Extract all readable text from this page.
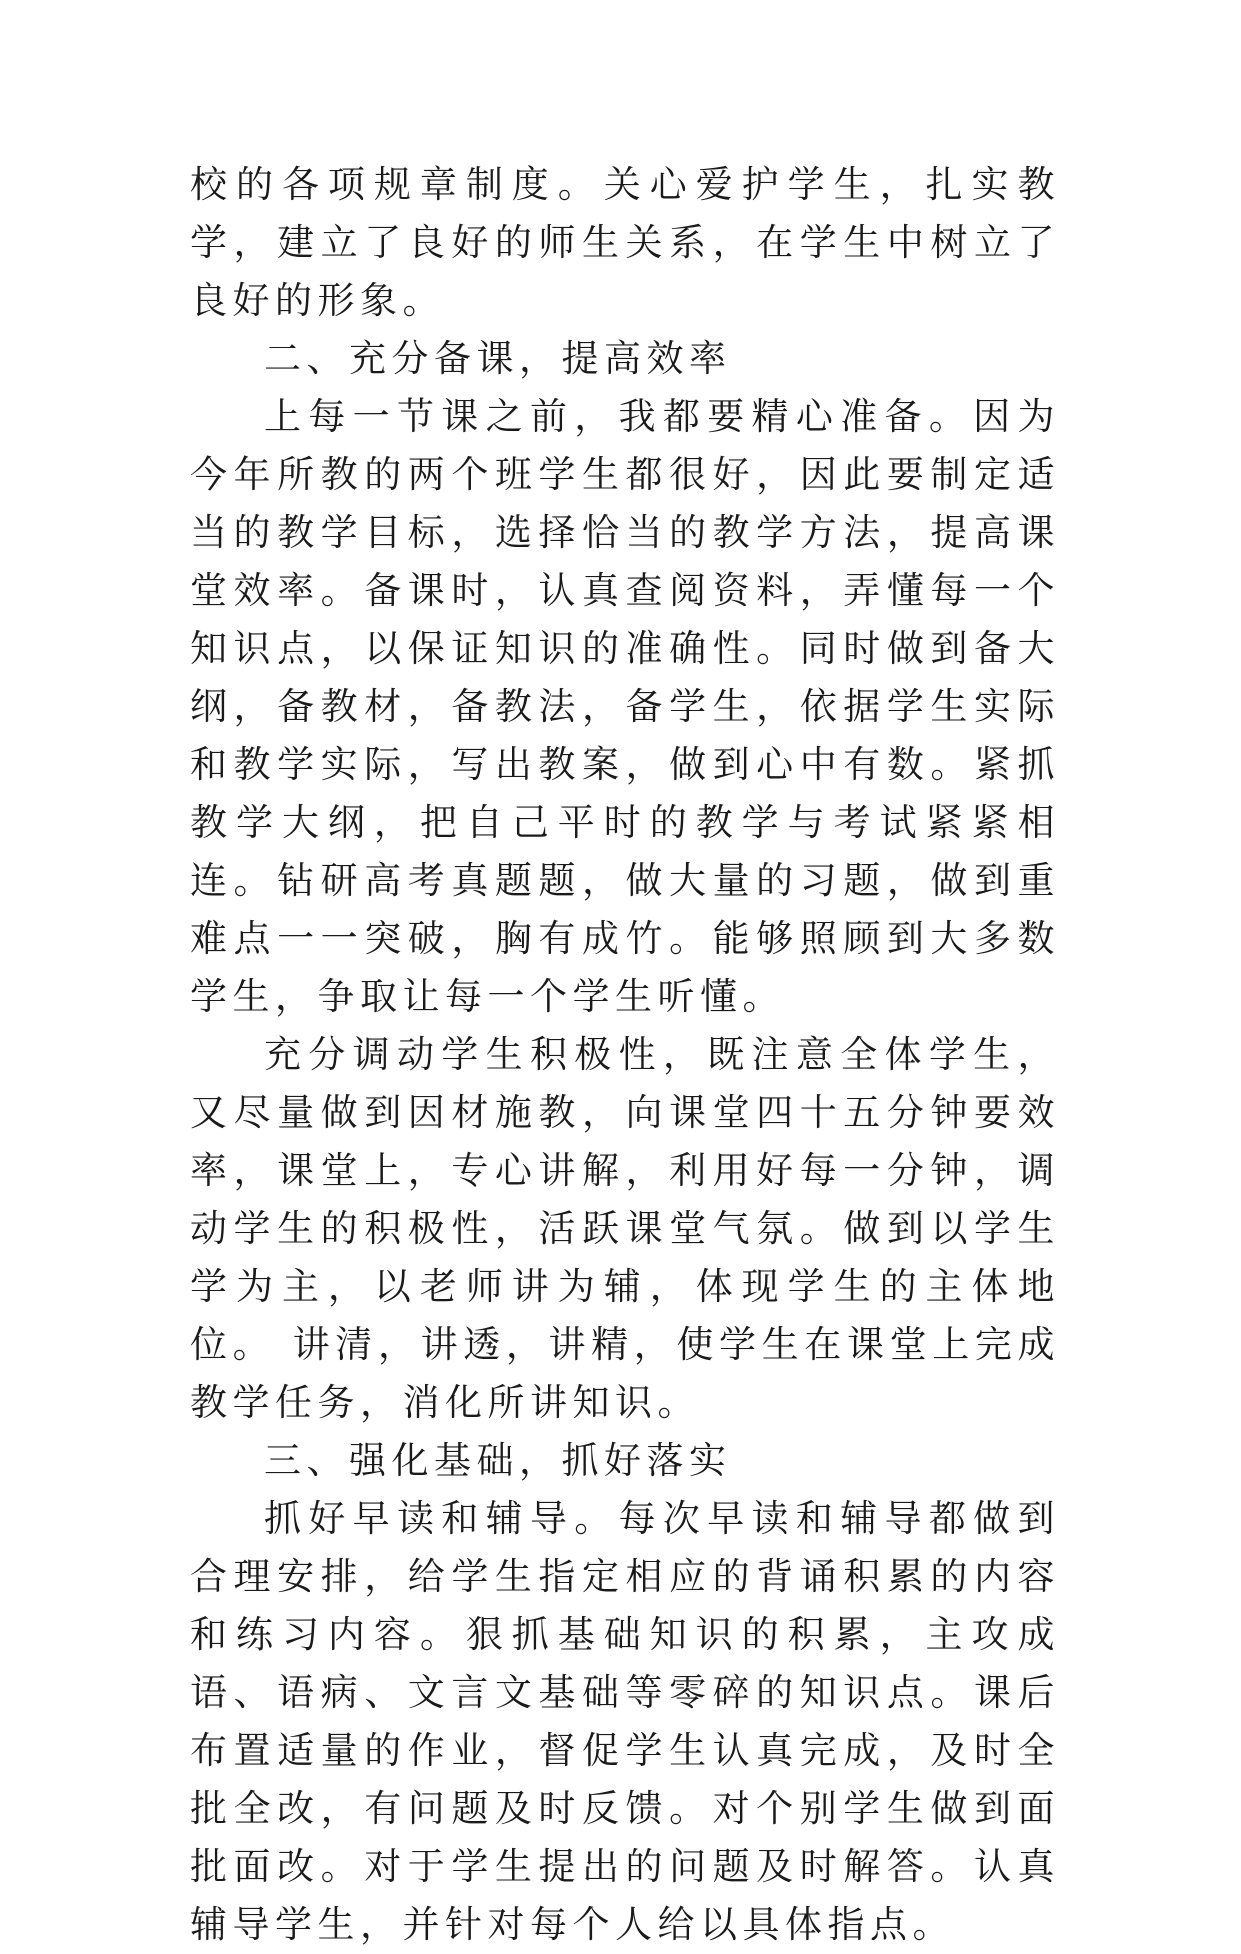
校的各项规章制度。关心爱护学生，扎实教学，建立了良好的师生关系，在学生中树立了良好的形象。

二、充分备课，提高效率

上每一节课之前，我都要精心准备。因为今年所教的两个班学生都很好，因此要制定适当的教学目标，选择恰当的教学方法，提高课堂效率。备课时，认真查阅资料，弄懂每一个知识点，以保证知识的准确性。同时做到备大纲，备教材，备教法，备学生，依据学生实际和教学实际，写出教案，做到心中有数。紧抓教学大纲，把自己平时的教学与考试紧紧相连。钻研高考真题题，做大量的习题，做到重难点一一突破，胸有成竹。能够照顾到大多数学生，争取让每一个学生听懂。

充分调动学生积极性，既注意全体学生，又尽量做到因材施教，向课堂四十五分钟要效率，课堂上，专心讲解，利用好每一分钟，调动学生的积极性，活跃课堂气氛。做到以学生学为主，以老师讲为辅，体现学生的主体地位。 讲清，讲透，讲精，使学生在课堂上完成教学任务，消化所讲知识。

三、强化基础，抓好落实

抓好早读和辅导。每次早读和辅导都做到合理安排，给学生指定相应的背诵积累的内容和练习内容。狠抓基础知识的积累，主攻成语、语病、文言文基础等零碎的知识点。课后布置适量的作业，督促学生认真完成，及时全批全改，有问题及时反馈。对个别学生做到面批面改。对于学生提出的问题及时解答。认真辅导学生，并针对每个人给以具体指点。
